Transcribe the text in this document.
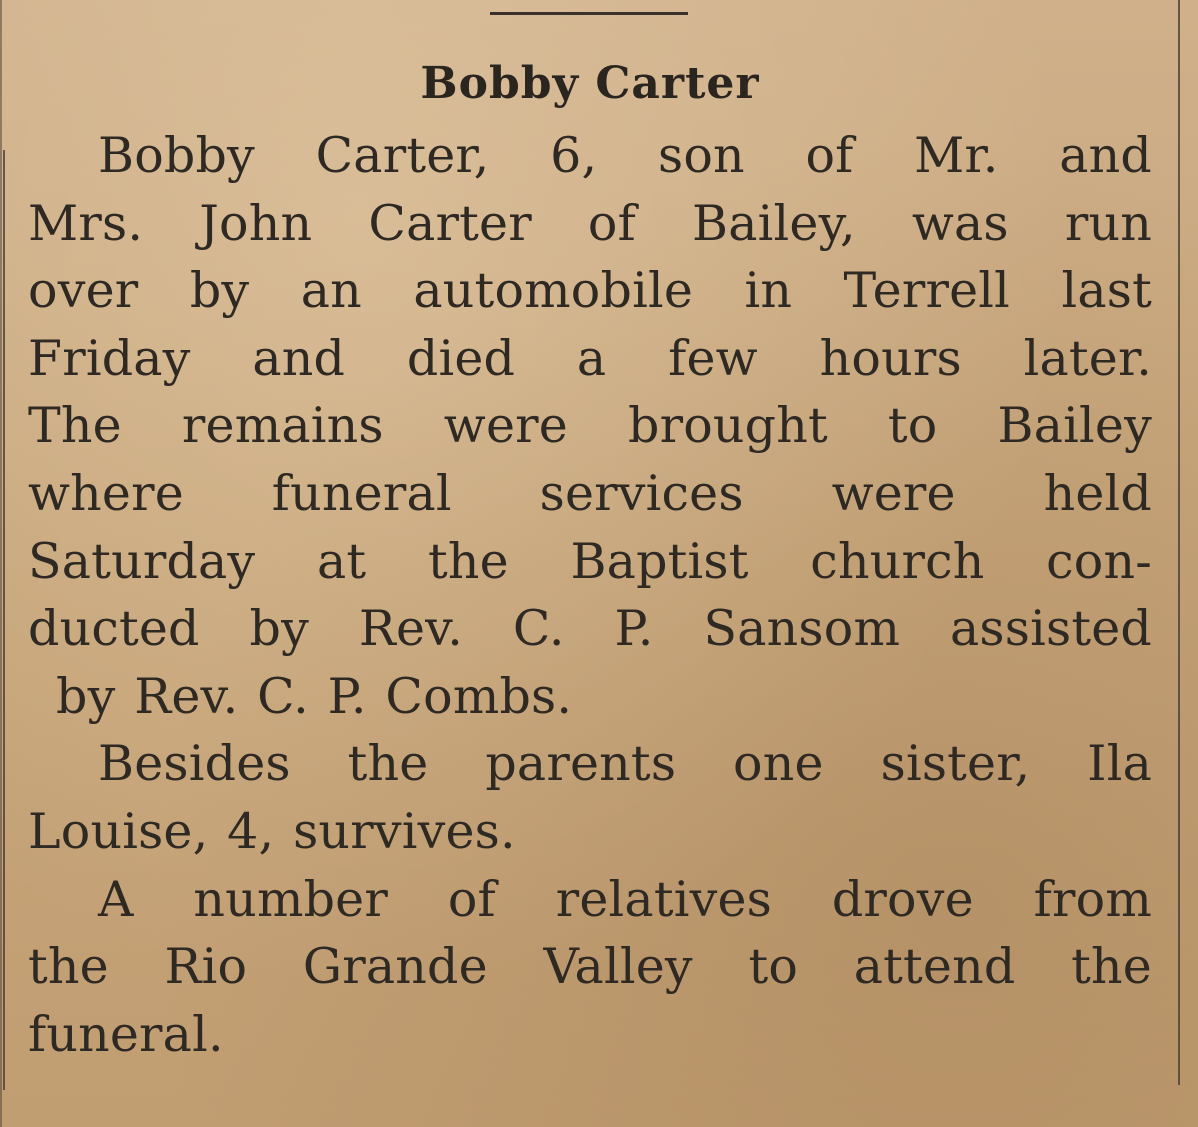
Bobby Carter
Bobby Carter, 6, son of Mr. and
Mrs. John Carter of Bailey, was run
over by an automobile in Terrell last
Friday and died a few hours later.
The remains were brought to Bailey
where funeral services were held
Saturday at the Baptist church con-
ducted by Rev. C. P. Sansom assisted
by Rev. C. P. Combs.
Besides the parents one sister, Ila
Louise, 4, survives.
A number of relatives drove from
the Rio Grande Valley to attend the
funeral.
